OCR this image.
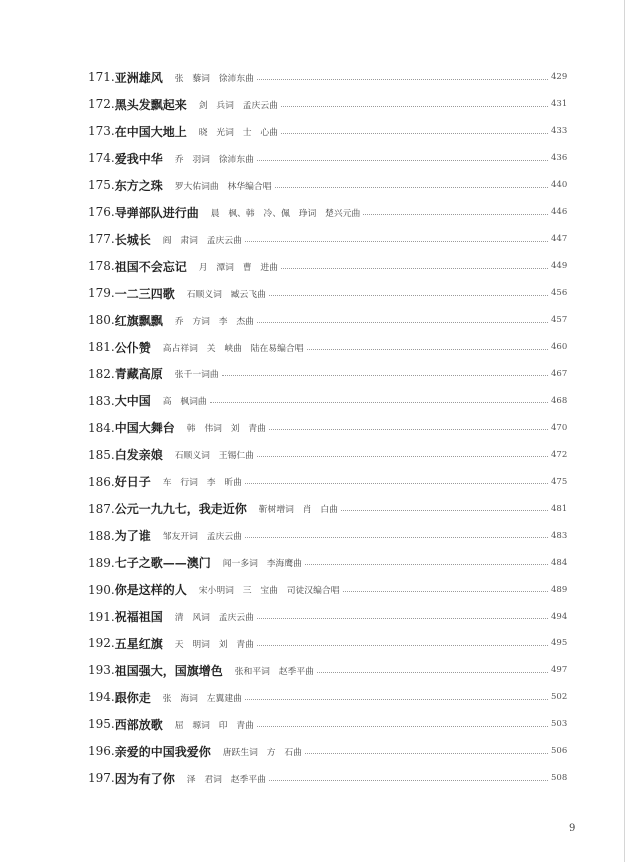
171. 亚洲雄风 张　藜词　徐沛东曲	429
172. 黑头发飘起来 剑　兵词　孟庆云曲	431
173. 在中国大地上 晓　光词　士　心曲	433
174. 爱我中华 乔　羽词　徐沛东曲	436
175. 东方之珠 罗大佑词曲　林华编合唱	440
176. 导弹部队进行曲 晨　枫、韩　冷、佩　琤词　楚兴元曲	446
177. 长城长 阎　肃词　孟庆云曲	447
178. 祖国不会忘记 月　潭词　曹　进曲	449
179. 一二三四歌 石顺义词　臧云飞曲	456
180. 红旗飘飘 乔　方词　李　杰曲	457
181. 公仆赞 高占祥词　关　峡曲　陆在易编合唱	460
182. 青藏高原 张千一词曲	467
183. 大中国 高　枫词曲	468
184. 中国大舞台 韩　伟词　刘　青曲	470
185. 白发亲娘 石顺义词　王锡仁曲	472
186. 好日子 车　行词　李　昕曲	475
187. 公元一九九七，我走近你 靳树增词　肖　白曲	481
188. 为了谁 邹友开词　孟庆云曲	483
189. 七子之歌——澳门 闻一多词　李海鹰曲	484
190. 你是这样的人 宋小明词　三　宝曲　司徒汉编合唱	489
191. 祝福祖国 清　风词　孟庆云曲	494
192. 五星红旗 天　明词　刘　青曲	495
193. 祖国强大，国旗增色 张和平词　赵季平曲	497
194. 跟你走 张　海词　左翼建曲	502
195. 西部放歌 屈　塬词　印　青曲	503
196. 亲爱的中国我爱你 唐跃生词　方　石曲	506
197. 因为有了你 泽　君词　赵季平曲	508
9
